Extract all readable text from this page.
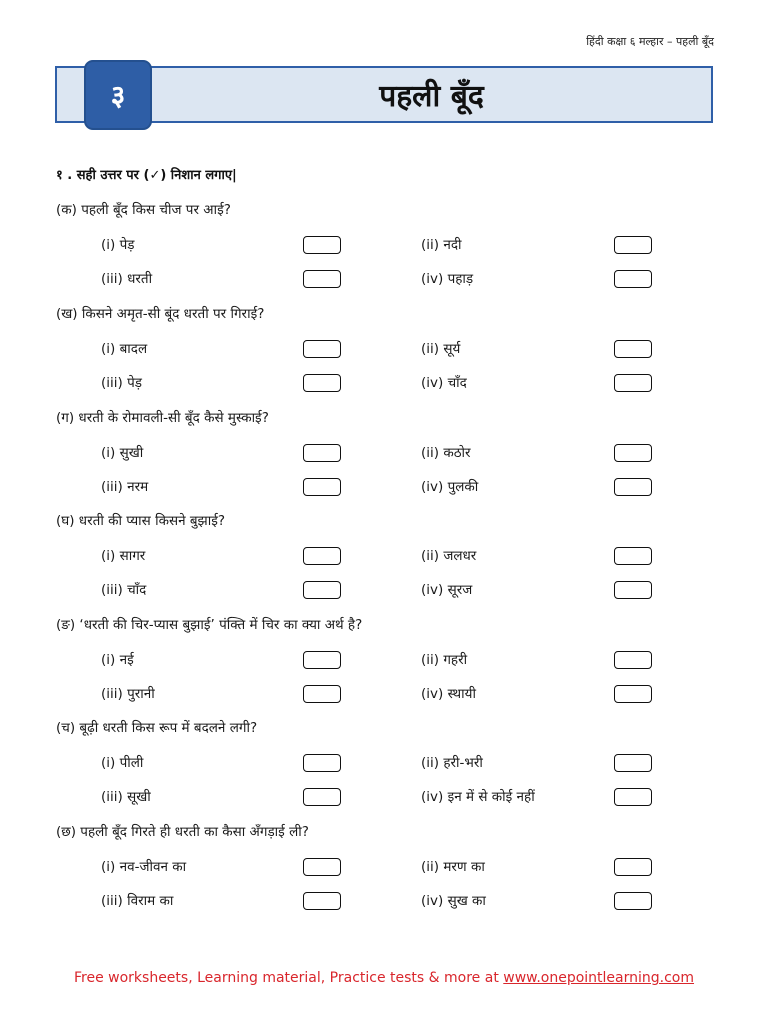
हिंदी कक्षा ६ मल्हार – पहली बूँद
३	पहली बूँद
१ . सही उत्तर पर (✓) निशान लगाए|
(क) पहली बूँद किस चीज पर आई?
(i) पेड़	(ii) नदी
(iii) धरती	(iv) पहाड़
(ख) किसने अमृत-सी बूंद धरती पर गिराई?
(i) बादल	(ii) सूर्य
(iii) पेड़	(iv) चाँद
(ग) धरती के रोमावली-सी बूँद कैसे मुस्काई?
(i) सुखी	(ii) कठोर
(iii) नरम	(iv) पुलकी
(घ) धरती की प्यास किसने बुझाई?
(i) सागर	(ii) जलधर
(iii) चाँद	(iv) सूरज
(ङ) ‘धरती की चिर-प्यास बुझाई’ पंक्ति में चिर का क्या अर्थ है?
(i) नई	(ii) गहरी
(iii) पुरानी	(iv) स्थायी
(च) बूढ़ी धरती किस रूप में बदलने लगी?
(i) पीली	(ii) हरी-भरी
(iii) सूखी	(iv) इन में से कोई नहीं
(छ) पहली बूँद गिरते ही धरती का कैसा अँगड़ाई ली?
(i) नव-जीवन का	(ii) मरण का
(iii) विराम का	(iv) सुख का
Free worksheets, Learning material, Practice tests & more at www.onepointlearning.com
